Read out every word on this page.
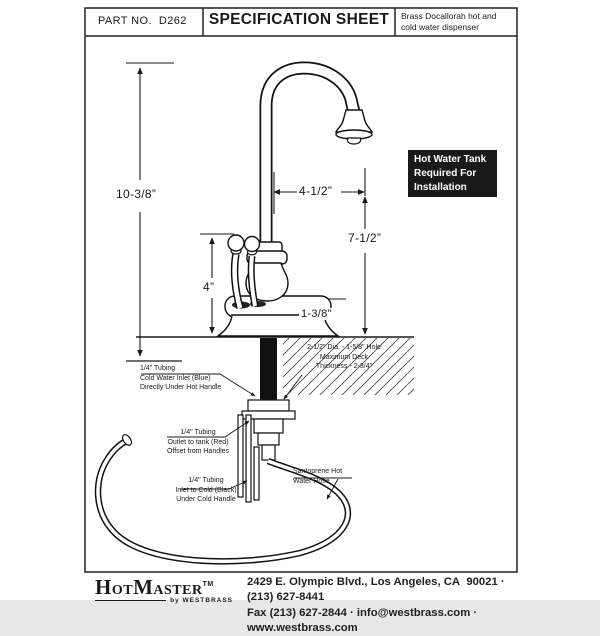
PART NO.  D262	SPECIFICATION SHEET	Brass Docallorah hot and cold water dispenser
10-3/8”	4-1/2”
7-1/2”
4”
1-3/8”
Hot Water Tank
Required For
Installation
1/4" Tubing
Cold Water Inlet (Blue)
Directly Under Hot Handle
2-1/2" Dia. - 1-5/8" Hole
Maximum Deck
Thickness - 2-3/4"
1/4" Tubing
Outlet to tank (Red)
Offset from Handles
1/4" Tubing
Inlet to Cold (Black)
Under Cold Handle
Santoprene Hot
Water Hose
HOTMASTER™
by WESTBRASS
2429 E. Olympic Blvd., Los Angeles, CA  90021 · (213) 627-8441
Fax (213) 627-2844 · info@westbrass.com ·  www.westbrass.com
